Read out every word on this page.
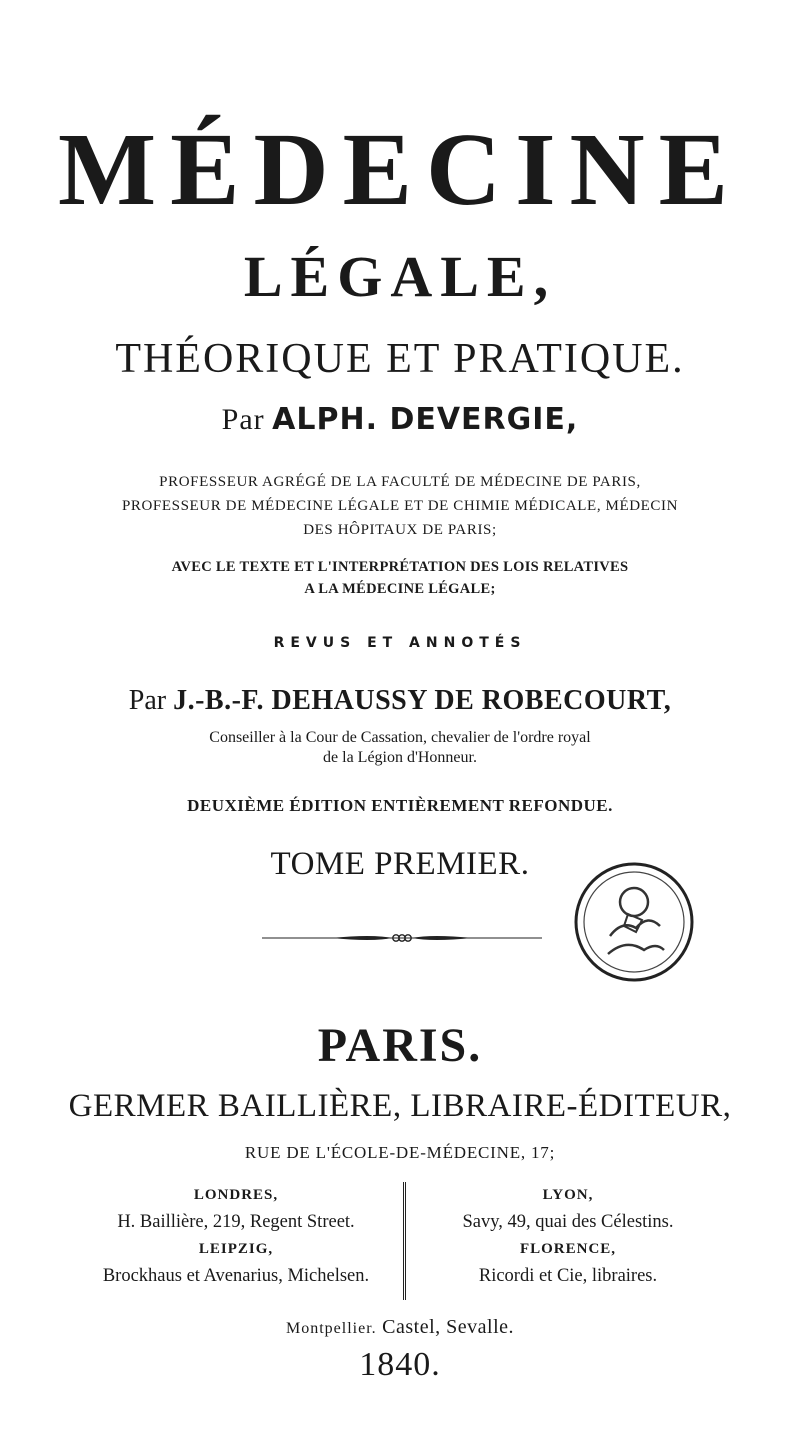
MÉDECINE
LÉGALE,
THÉORIQUE ET PRATIQUE.
Par ALPH. DEVERGIE,
PROFESSEUR AGRÉGÉ DE LA FACULTÉ DE MÉDECINE DE PARIS,
PROFESSEUR DE MÉDECINE LÉGALE ET DE CHIMIE MÉDICALE, MÉDECIN
DES HÔPITAUX DE PARIS;
AVEC LE TEXTE ET L'INTERPRÉTATION DES LOIS RELATIVES
A LA MÉDECINE LÉGALE;
REVUS ET ANNOTÉS
Par J.-B.-F. DEHAUSSY DE ROBECOURT,
Conseiller à la Cour de Cassation, chevalier de l'ordre royal
de la Légion d'Honneur.
DEUXIÈME ÉDITION ENTIÈREMENT REFONDUE.
TOME PREMIER.
PARIS.
GERMER BAILLIÈRE, LIBRAIRE-ÉDITEUR,
RUE DE L'ÉCOLE-DE-MÉDECINE, 17;
LONDRES,
H. Baillière, 219, Regent Street.
LEIPZIG,
Brockhaus et Avenarius, Michelsen.
LYON,
Savy, 49, quai des Célestins.
FLORENCE,
Ricordi et Cie, libraires.
Montpellier. Castel, Sevalle.
1840.
